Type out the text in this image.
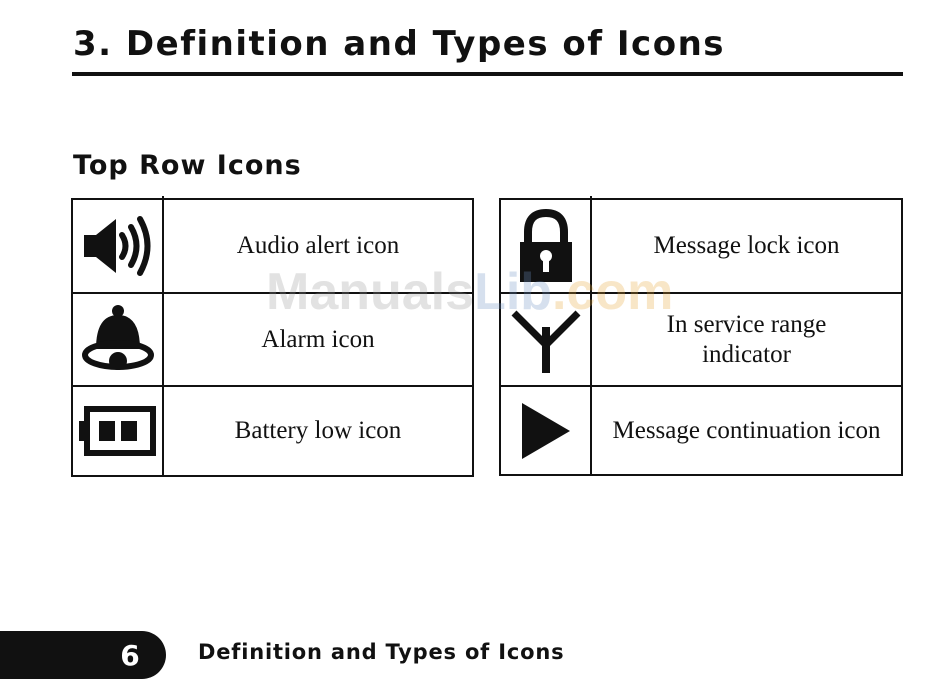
3. Definition and Types of Icons
Top Row Icons
Audio alert icon
Alarm icon
Battery low icon
Message lock icon
In service range
indicator
Message continuation icon
ManualsLib.com
6	Definition and Types of Icons
